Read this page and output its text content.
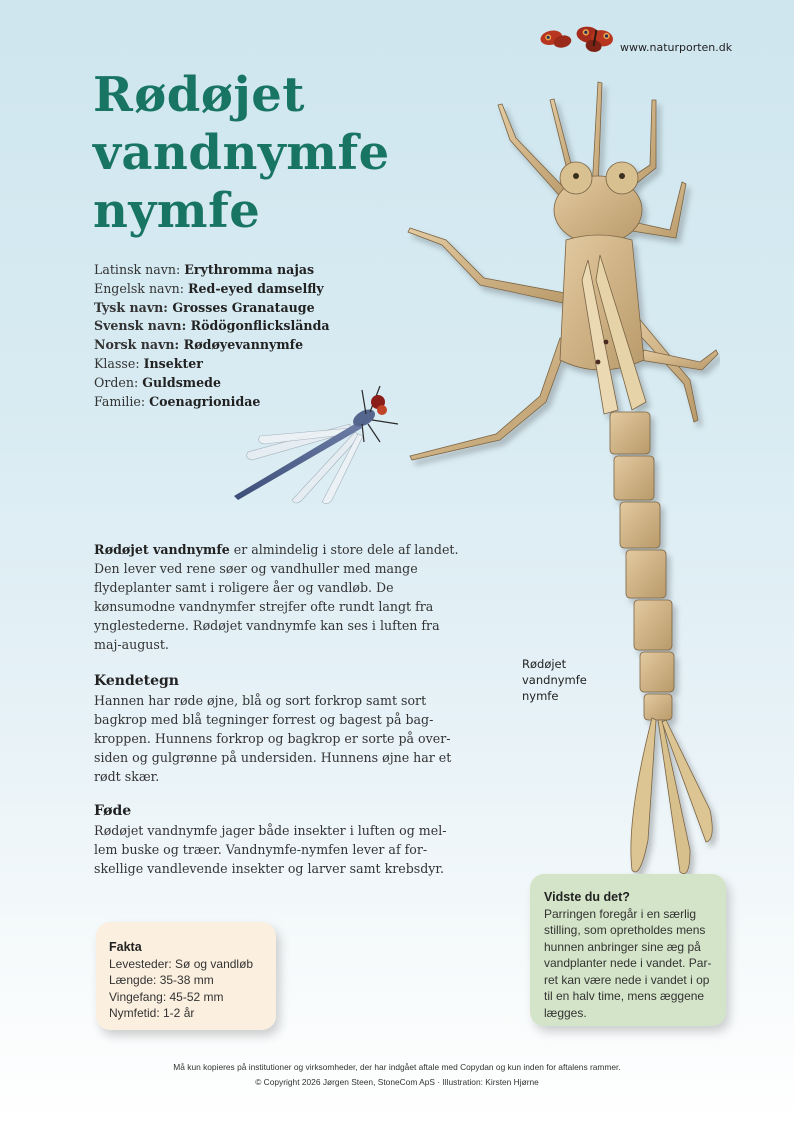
www.naturporten.dk
Rødøjet
vandnymfe
nymfe
Latinsk navn: Erythromma najas
Engelsk navn: Red-eyed damselfly
Tysk navn: Grosses Granatauge
Svensk navn: Rödögonflickslända
Norsk navn: Rødøyevannymfe
Klasse: Insekter
Orden: Guldsmede
Familie: Coenagrionidae

Rødøjet vandnymfe er almindelig i store dele af landet. Den lever ved rene søer og vandhuller med mange flydeplanter samt i roligere åer og vandløb. De kønsumodne vandnymfer strejfer ofte rundt langt fra ynglestederne. Rødøjet vandnymfe kan ses i luften fra maj-august.

Kendetegn

Hannen har røde øjne, blå og sort forkrop samt sort bagkrop med blå tegninger forrest og bagest på bag-kroppen. Hunnens forkrop og bagkrop er sorte på over-siden og gulgrønne på undersiden. Hunnens øjne har et rødt skær.

Føde

Rødøjet vandnymfe jager både insekter i luften og mel-lem buske og træer. Vandnymfe-nymfen lever af for-skellige vandlevende insekter og larver samt krebsdyr.

Rødøjet
vandnymfe
nymfe
Fakta
Levesteder: Sø og vandløb
Længde: 35-38 mm
Vingefang: 45-52 mm
Nymfetid: 1-2 år
Vidste du det?

Parringen foregår i en særlig stilling, som opretholdes mens hunnen anbringer sine æg på vandplanter nede i vandet. Par-ret kan være nede i vandet i op til en halv time, mens æggene lægges.

Må kun kopieres på institutioner og virksomheder, der har indgået aftale med Copydan og kun inden for aftalens rammer.
© Copyright 2026 Jørgen Steen, StoneCom ApS · Illustration: Kirsten Hjørne
